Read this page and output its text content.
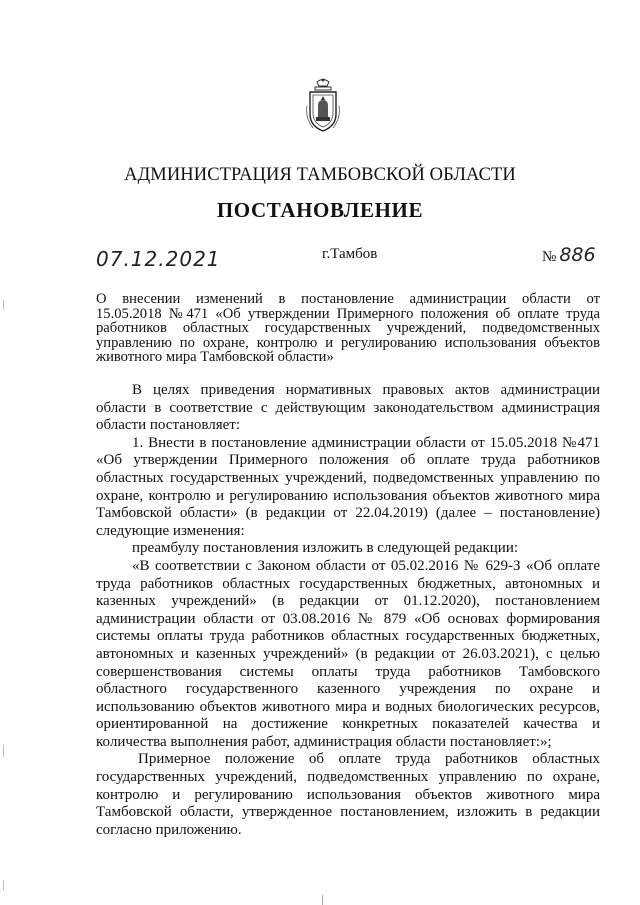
АДМИНИСТРАЦИЯ ТАМБОВСКОЙ ОБЛАСТИ
ПОСТАНОВЛЕНИЕ
07.12.2021	г.Тамбов	№ 886
О внесении изменений в постановление администрации области от
15.05.2018 №471 «Об утверждении Примерного положения об оплате труда
работников областных государственных учреждений, подведомственных
управлению по охране, контролю и регулированию использования объектов
животного мира Тамбовской области»
В целях приведения нормативных правовых актов администрации
области в соответствие с действующим законодательством администрация
области постановляет:
1. Внести в постановление администрации области от 15.05.2018 №471
«Об утверждении Примерного положения об оплате труда работников
областных государственных учреждений, подведомственных управлению по
охране, контролю и регулированию использования объектов животного мира
Тамбовской области» (в редакции от 22.04.2019) (далее – постановление)
следующие изменения:
преамбулу постановления изложить в следующей редакции:
«В соответствии с Законом области от 05.02.2016 № 629-З «Об оплате
труда работников областных государственных бюджетных, автономных и
казенных учреждений» (в редакции от 01.12.2020), постановлением
администрации области от 03.08.2016 № 879 «Об основах формирования
системы оплаты труда работников областных государственных бюджетных,
автономных и казенных учреждений» (в редакции от 26.03.2021), с целью
совершенствования системы оплаты труда работников Тамбовского
областного государственного казенного учреждения по охране и
использованию объектов животного мира и водных биологических ресурсов,
ориентированной на достижение конкретных показателей качества и
количества выполнения работ, администрация области постановляет:»;
Примерное положение об оплате труда работников областных
государственных учреждений, подведомственных управлению по охране,
контролю и регулированию использования объектов животного мира
Тамбовской области, утвержденное постановлением, изложить в редакции
согласно приложению.
